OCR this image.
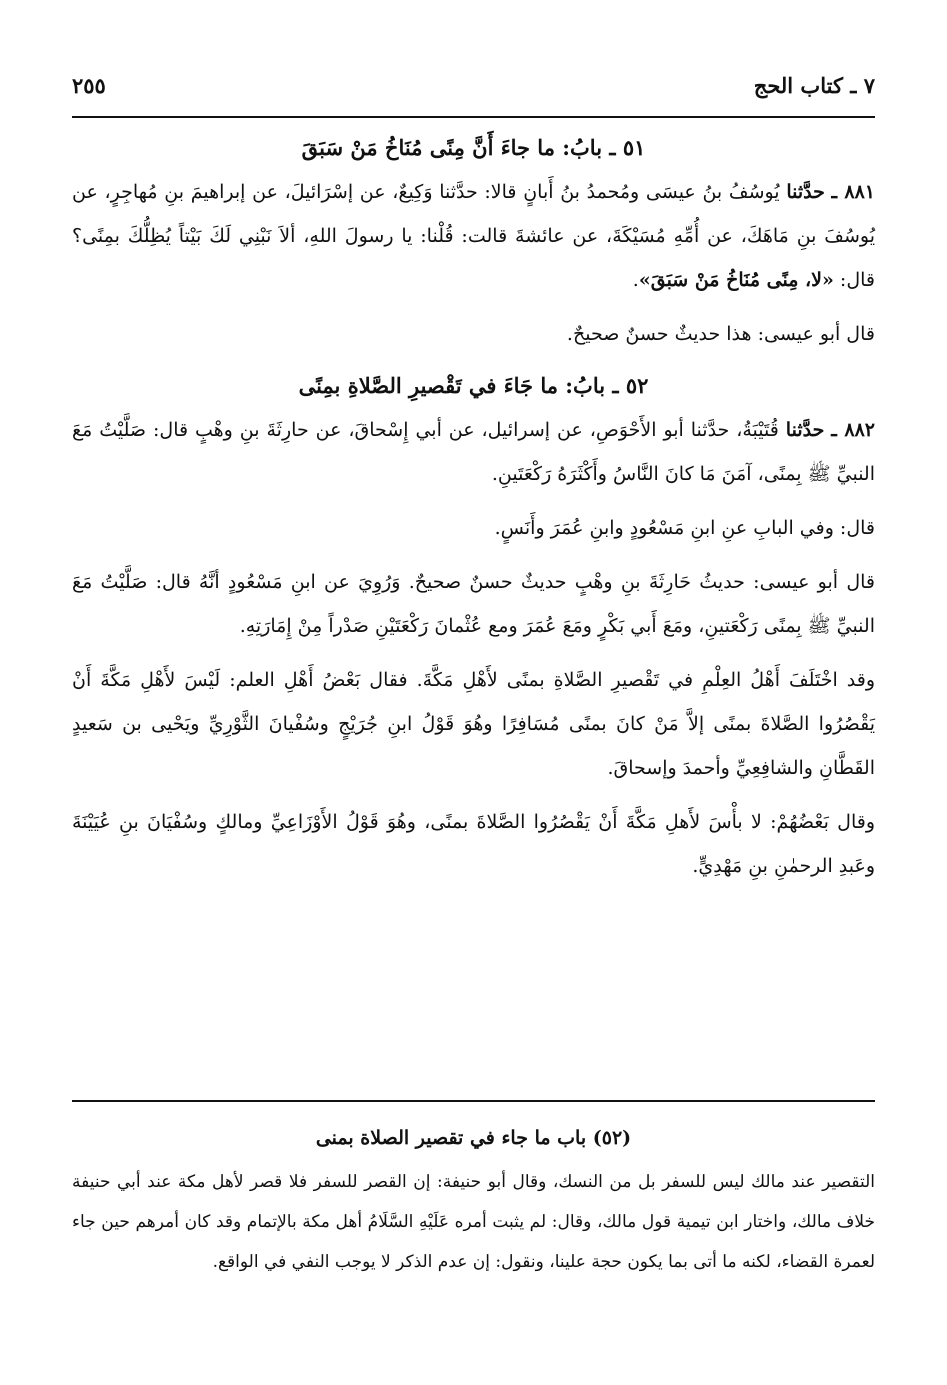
٧ ـ كتاب الحج
٢٥٥

٥١ ـ بابُ: ما جاءَ أَنَّ مِنًى مُنَاخُ مَنْ سَبَقَ

٨٨١ ـ حدَّثنا يُوسُفُ بنُ عيسَى ومُحمدُ بنُ أَبانٍ قالا: حدَّثنا وَكِيعٌ، عن إسْرَائيلَ، عن إبراهيمَ بنِ مُهاجِرٍ، عن يُوسُفَ بنِ مَاهَكَ، عن أُمِّهِ مُسَيْكَةَ، عن عائشةَ قالت: قُلْنا: يا رسولَ اللهِ، ألاَ نَبْنِي لَكَ بَيْتاً يُظِلُّكَ بمِنًى؟ قال: «لا، مِنًى مُنَاخُ مَنْ سَبَقَ».

قال أبو عيسى: هذا حديثٌ حسنٌ صحيحٌ.

٥٢ ـ بابُ: ما جَاءَ في تَقْصيرِ الصَّلاةِ بمِنًى

٨٨٢ ـ حدَّثنا قُتَيْبَةُ، حدَّثنا أبو الأَحْوَصِ، عن إسرائيل، عن أبي إِسْحاقَ، عن حارِثَةَ بنِ وهْبٍ قال: صَلَّيْتُ مَعَ النبيِّ ﷺ بِمنًى، آمَنَ مَا كانَ النَّاسُ وأَكْثَرَهُ رَكْعَتَينِ.

قال: وفي البابِ عنِ ابنِ مَسْعُودٍ وابنِ عُمَرَ وأَنَسٍ.

قال أبو عيسى: حديثُ حَارِثَةَ بنِ وهْبٍ حديثٌ حسنٌ صحيحٌ. وَرُوِيَ عن ابنِ مَسْعُودٍ أنَّهُ قال: صَلَّيْتُ مَعَ النبيِّ ﷺ بِمنًى رَكْعَتينِ، ومَعَ أَبي بَكْرٍ ومَعَ عُمَرَ ومع عُثْمانَ رَكْعَتَيْنِ صَدْراً مِنْ إِمَارَتِهِ.

وقد اخْتَلَفَ أَهْلُ العِلْمِ في تَقْصيرِ الصَّلاةِ بمنًى لأَهْلِ مَكَّةَ. فقال بَعْضُ أَهْلِ العلم: لَيْسَ لأَهْلِ مَكَّةَ أَنْ يَقْصُرُوا الصَّلاةَ بمنًى إلاَّ مَنْ كانَ بمنًى مُسَافِرًا وهُوَ قَوْلُ ابنِ جُرَيْجٍ وسُفْيانَ الثَّوْرِيِّ ويَحْيى بن سَعيدٍ القَطَّانِ والشافِعِيِّ وأحمدَ وإسحاقَ.

وقال بَعْضُهُمْ: لا بأْسَ لأَهلِ مَكَّةَ أَنْ يَقْصُرُوا الصَّلاةَ بمنًى، وهُوَ قَوْلُ الأَوْزَاعِيِّ ومالكٍ وسُفْيَانَ بنِ عُيَيْنَةَ وعَبدِ الرحمٰنِ بنِ مَهْدِيٍّ.

(٥٢) باب ما جاء في تقصير الصلاة بمنى

التقصير عند مالك ليس للسفر بل من النسك، وقال أبو حنيفة: إن القصر للسفر فلا قصر لأهل مكة عند أبي حنيفة خلاف مالك، واختار ابن تيمية قول مالك، وقال: لم يثبت أمره عَلَيْهِ السَّلَامُ أهل مكة بالإتمام وقد كان أمرهم حين جاء لعمرة القضاء، لكنه ما أتى بما يكون حجة علينا، ونقول: إن عدم الذكر لا يوجب النفي في الواقع.
